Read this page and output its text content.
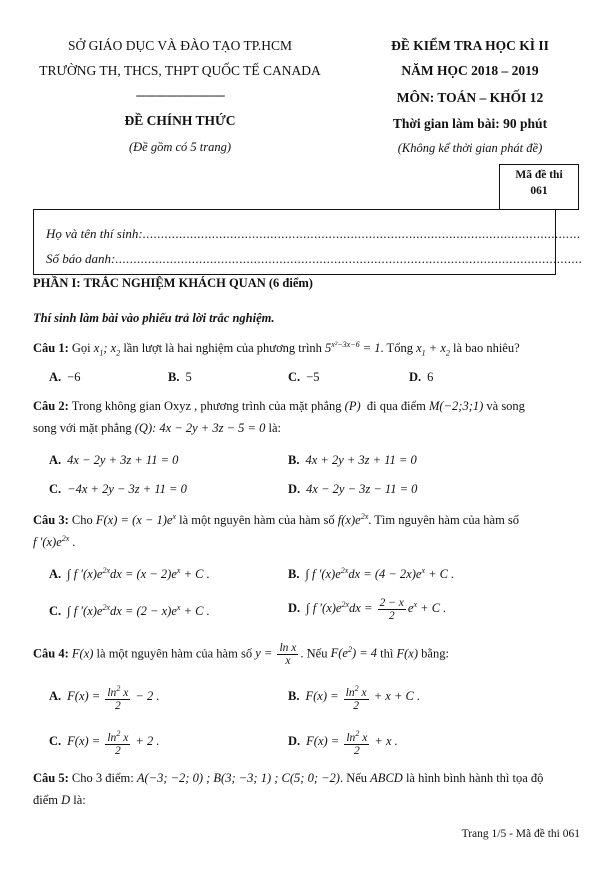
SỞ GIÁO DỤC VÀ ĐÀO TẠO TP.HCM
TRƯỜNG TH, THCS, THPT QUỐC TẾ CANADA
----------------------------
ĐỀ CHÍNH THỨC
(Đề gồm có 5 trang)
ĐỀ KIỂM TRA HỌC KÌ II
NĂM HỌC 2018 – 2019
MÔN: TOÁN – KHỐI 12
Thời gian làm bài: 90 phút
(Không kể thời gian phát đề)
Mã đề thi
061
Họ và tên thí sinh:........................................................................................................................
Số báo danh:................................................................................................................................
PHẦN I: TRẮC NGHIỆM KHÁCH QUAN (6 điểm)
Thí sinh làm bài vào phiếu trả lời trắc nghiệm.
Câu 1: Gọi $x_1$; $x_2$ lần lượt là hai nghiệm của phương trình $5^{x^2-3x-6} = 1$. Tổng $x_1 + x_2$ là bao nhiêu?
A. −6	B. 5	C. −5	D. 6
Câu 2: Trong không gian Oxyz , phương trình của mặt phẳng (P) đi qua điểm M(−2;3;1) và song
song với mặt phẳng (Q): 4x − 2y + 3z − 5 = 0 là:
A. 4x − 2y + 3z + 11 = 0	B. 4x + 2y + 3z + 11 = 0
C. −4x + 2y − 3z + 11 = 0	D. 4x − 2y − 3z − 11 = 0
Câu 3: Cho $F(x) = (x - 1)e^x$ là một nguyên hàm của hàm số $f(x)e^{2x}$. Tìm nguyên hàm của hàm số
f $'(x)e^{2x}$ .
A. ∫ f $'(x)e^{2x}dx = (x - 2)e^x + C$ .	B. ∫ f $'(x)e^{2x}dx = (4 - 2x)e^x + C$ .
C. ∫ f $'(x)e^{2x}dx = (2 - x)e^x + C$ .	D. ∫ f $'(x)e^{2x}dx = \frac{2 - x}{2} e^x + C$ .
Câu 4: F(x) là một nguyên hàm của hàm số $y = \frac{\text{ln x}}{x}$ . Nếu $F(e^2) = 4$ thì F(x) bằng:
A. $F(x) = \frac{\ln^2 x}{2} - 2$ .	B. $F(x) = \frac{\ln^2 x}{2} + x + C$ .
C. $F(x) = \frac{\ln^2 x}{2} + 2$ .	D. $F(x) = \frac{\ln^2 x}{2} + x$ .
Câu 5: Cho 3 điểm: A(−3; −2; 0) ; B(3; −3; 1) ; C(5; 0; −2). Nếu ABCD là hình bình hành thì tọa độ
điểm D là:
Trang 1/5 - Mã đề thi 061
